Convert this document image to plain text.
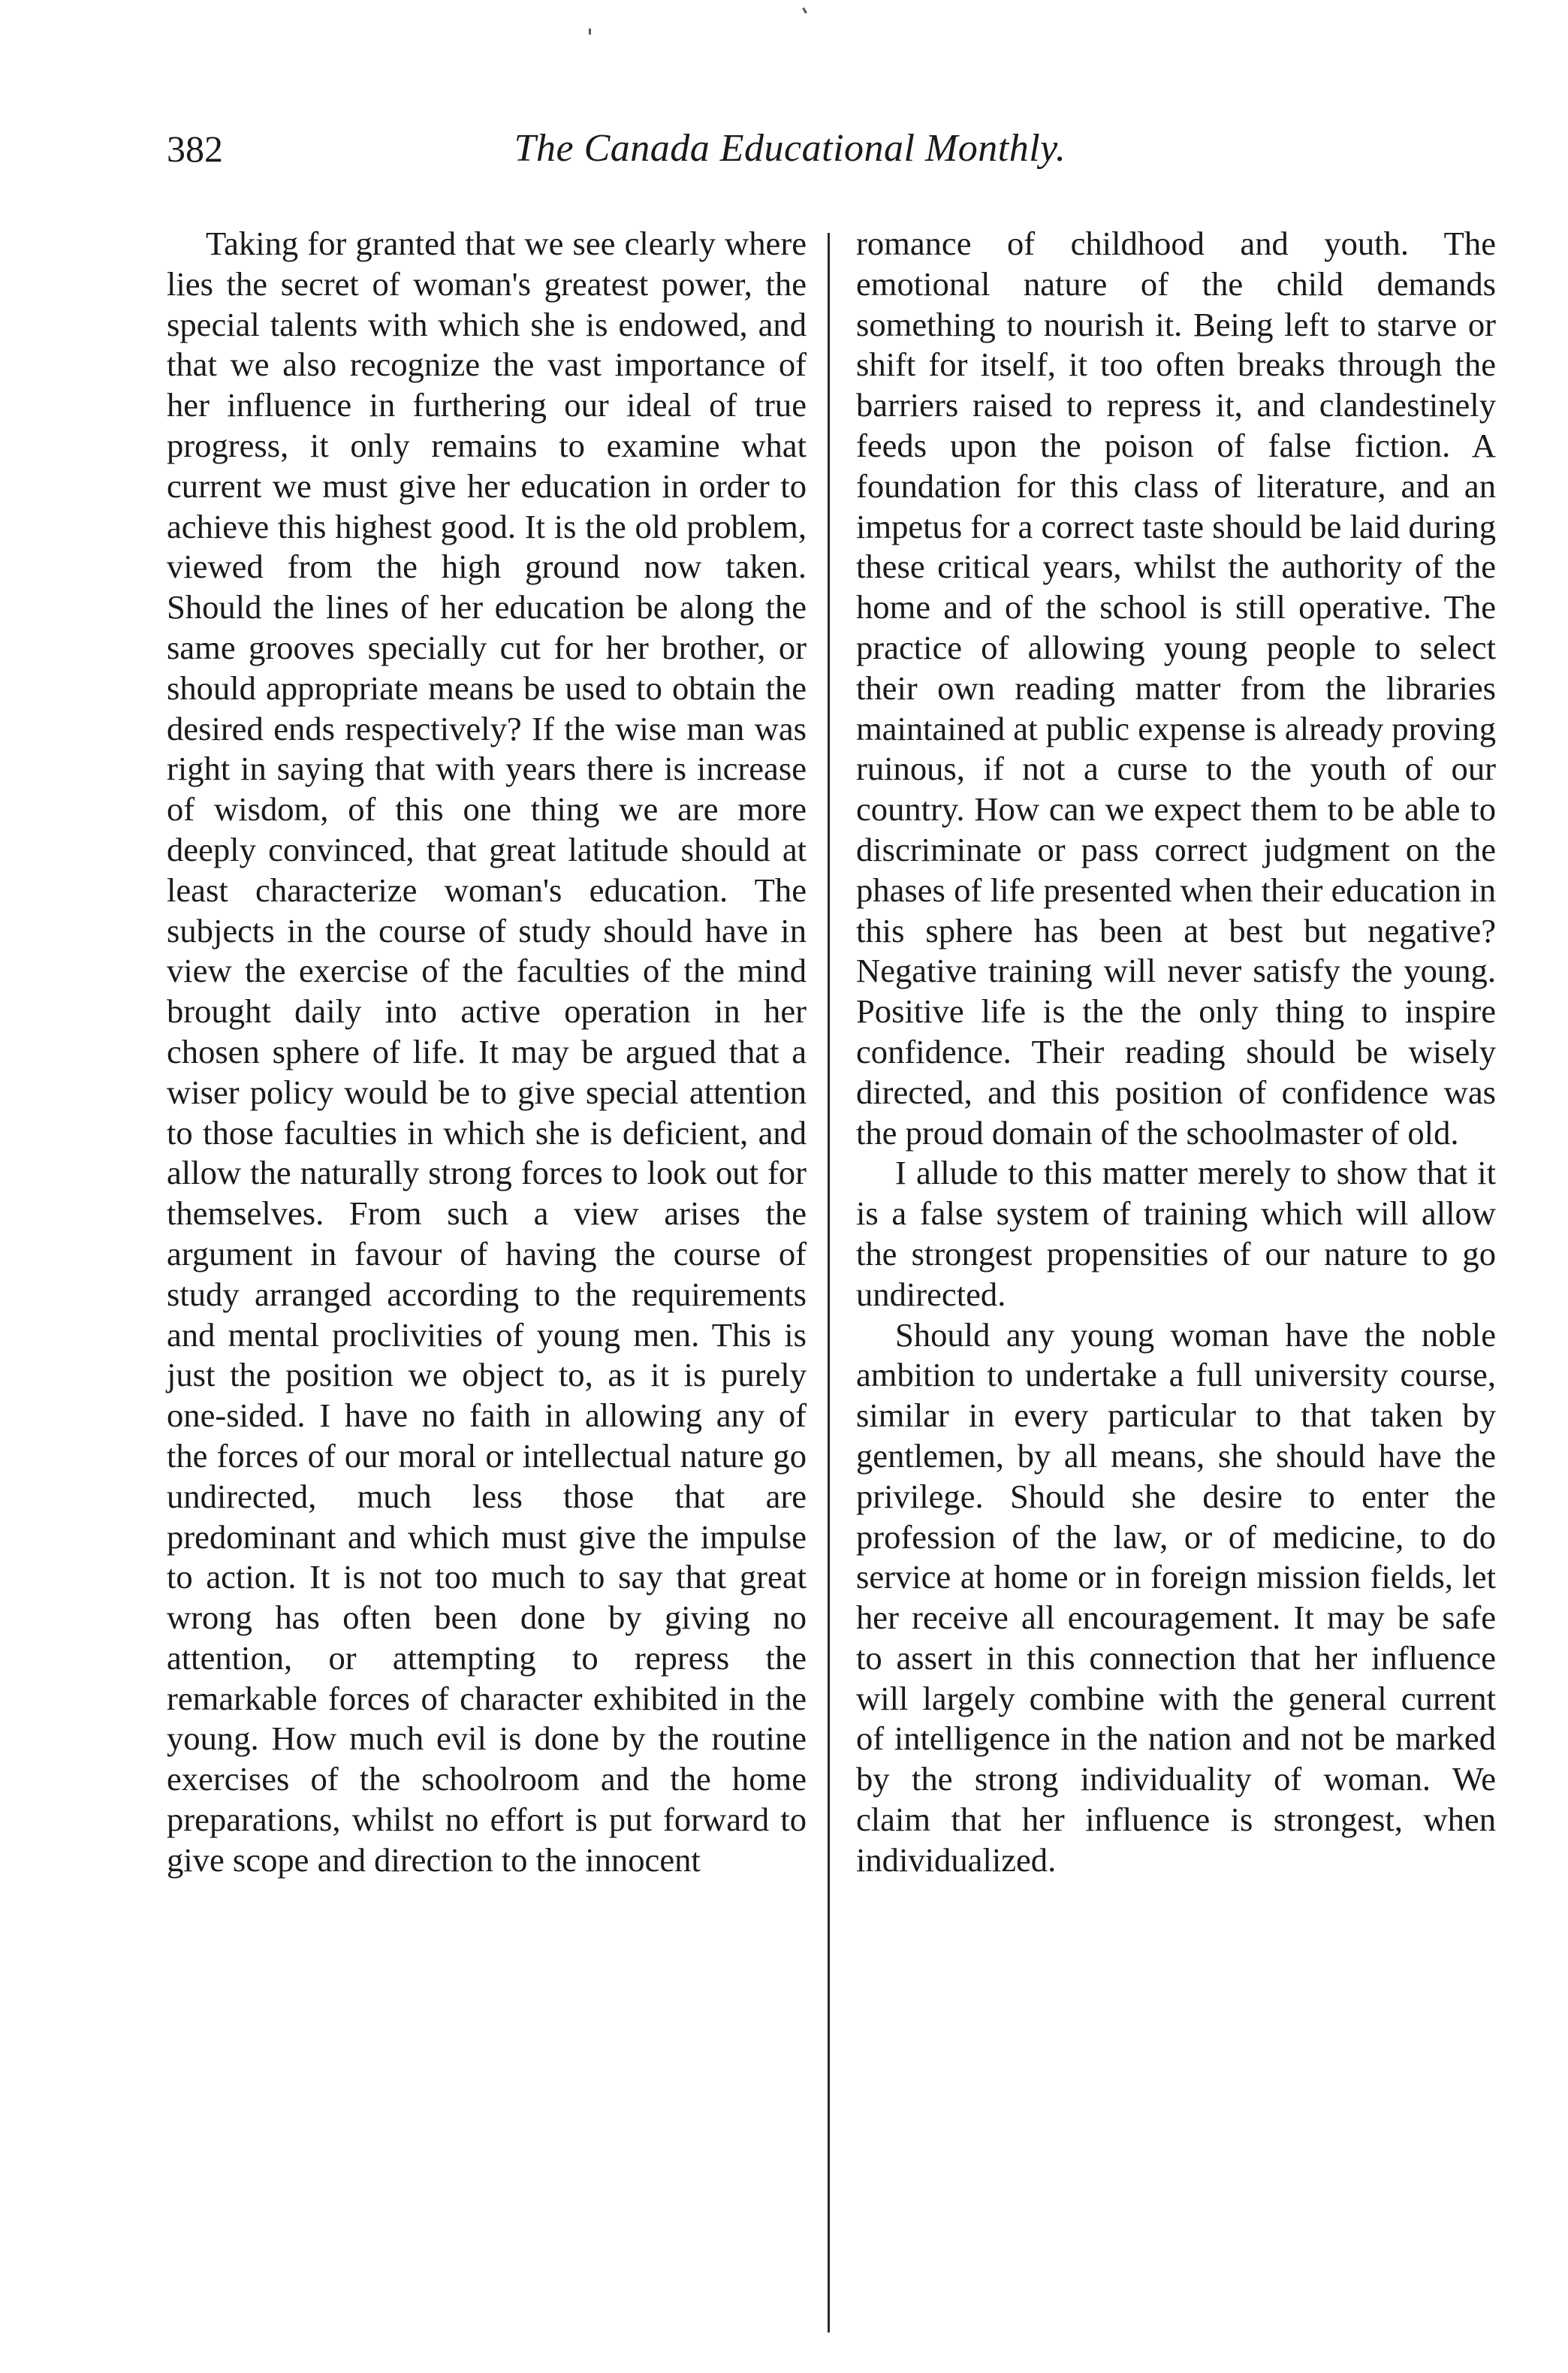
382	The Canada Educational Monthly.

Taking for granted that we see clearly where lies the secret of woman's greatest power, the special talents with which she is endowed, and that we also recognize the vast importance of her influence in furthering our ideal of true progress, it only remains to examine what current we must give her education in order to achieve this highest good. It is the old problem, viewed from the high ground now taken. Should the lines of her education be along the same grooves specially cut for her brother, or should appropriate means be used to obtain the desired ends respectively? If the wise man was right in saying that with years there is increase of wisdom, of this one thing we are more deeply convinced, that great latitude should at least characterize woman's education. The subjects in the course of study should have in view the exercise of the faculties of the mind brought daily into active operation in her chosen sphere of life. It may be argued that a wiser policy would be to give special attention to those faculties in which she is deficient, and allow the naturally strong forces to look out for themselves. From such a view arises the argument in favour of having the course of study arranged according to the requirements and mental proclivities of young men. This is just the position we object to, as it is purely one-sided. I have no faith in allowing any of the forces of our moral or intellectual nature go undirected, much less those that are predominant and which must give the impulse to action. It is not too much to say that great wrong has often been done by giving no attention, or attempting to repress the remarkable forces of character exhibited in the young. How much evil is done by the routine exercises of the schoolroom and the home preparations, whilst no effort is put forward to give scope and direction to the innocent

romance of childhood and youth. The emotional nature of the child demands something to nourish it. Being left to starve or shift for itself, it too often breaks through the barriers raised to repress it, and clandestinely feeds upon the poison of false fiction. A foundation for this class of literature, and an impetus for a correct taste should be laid during these critical years, whilst the authority of the home and of the school is still operative. The practice of allowing young people to select their own reading matter from the libraries maintained at public expense is already proving ruinous, if not a curse to the youth of our country. How can we expect them to be able to discriminate or pass correct judgment on the phases of life presented when their education in this sphere has been at best but negative? Negative training will never satisfy the young. Positive life is the the only thing to inspire confidence. Their reading should be wisely directed, and this position of confidence was the proud domain of the schoolmaster of old.

I allude to this matter merely to show that it is a false system of training which will allow the strongest propensities of our nature to go undirected.

Should any young woman have the noble ambition to undertake a full university course, similar in every particular to that taken by gentlemen, by all means, she should have the privilege. Should she desire to enter the profession of the law, or of medicine, to do service at home or in foreign mission fields, let her receive all encouragement. It may be safe to assert in this connection that her influence will largely combine with the general current of intelligence in the nation and not be marked by the strong individuality of woman. We claim that her influence is strongest, when individualized.
